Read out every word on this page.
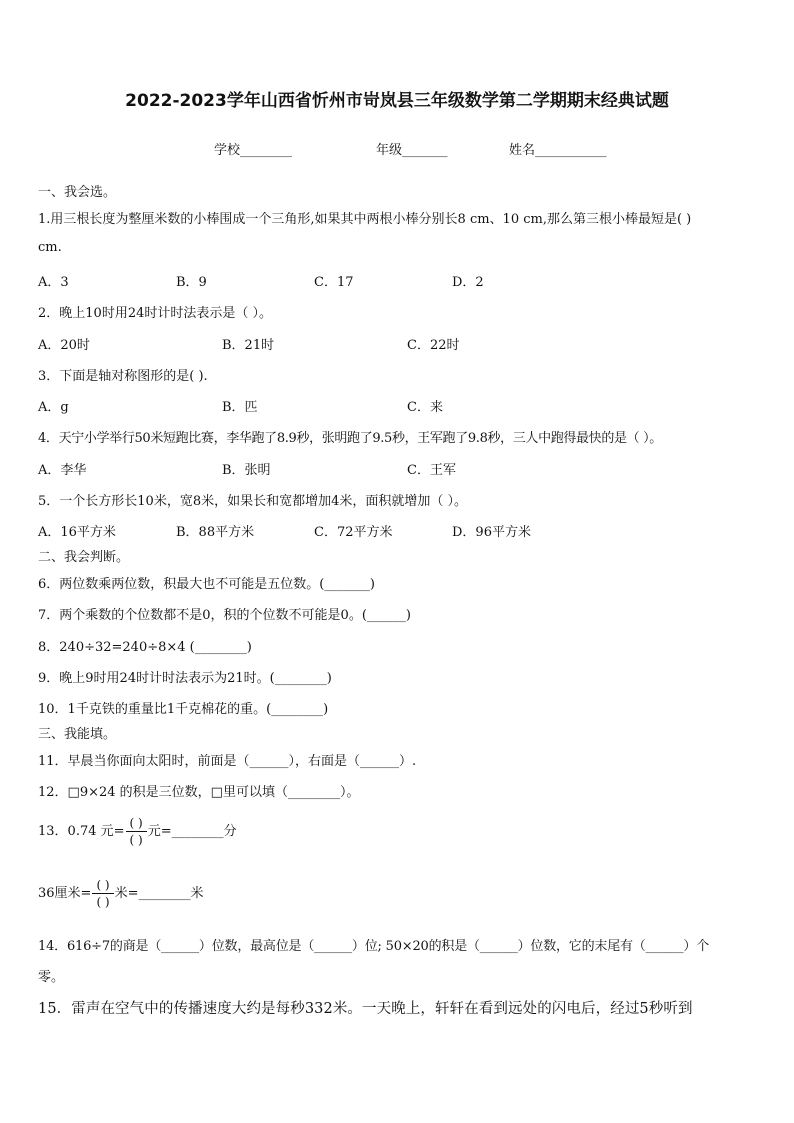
2022-2023学年山西省忻州市岢岚县三年级数学第二学期期末经典试题
学校________	年级_______	姓名___________
一、我会选。
1.用三根长度为整厘米数的小棒围成一个三角形,如果其中两根小棒分别长8 cm、10 cm,那么第三根小棒最短是( )
cm.
A．3	B．9	C．17	D．2
2．晚上10时用24时计时法表示是（ ）。
A．20时	B．21时	C．22时
3．下面是轴对称图形的是( ).
A．g	B．匹	C．来
4．天宁小学举行50米短跑比赛，李华跑了8.9秒，张明跑了9.5秒，王军跑了9.8秒，三人中跑得最快的是（ ）。
A．李华	B．张明	C．王军
5．一个长方形长10米，宽8米，如果长和宽都增加4米，面积就增加（ ）。
A．16平方米	B．88平方米	C．72平方米	D．96平方米
二、我会判断。
6．两位数乘两位数，积最大也不可能是五位数。(_______)
7．两个乘数的个位数都不是0，积的个位数不可能是0。(______)
8．240÷32=240÷8×4 (________)
9．晚上9时用24时计时法表示为21时。(________)
10．1千克铁的重量比1千克棉花的重。(________)
三、我能填。
11．早晨当你面向太阳时，前面是（______），右面是（______）.
12．□9×24 的积是三位数，□里可以填（________）。
13．0.74 元= $\frac{( )}{( )}$ 元=________分
36厘米= $\frac{( )}{( )}$ 米=________米
14．616÷7的商是（______）位数，最高位是（______）位; 50×20的积是（______）位数，它的末尾有（______）个
零。
15．雷声在空气中的传播速度大约是每秒332米。一天晚上，轩轩在看到远处的闪电后，经过5秒听到
